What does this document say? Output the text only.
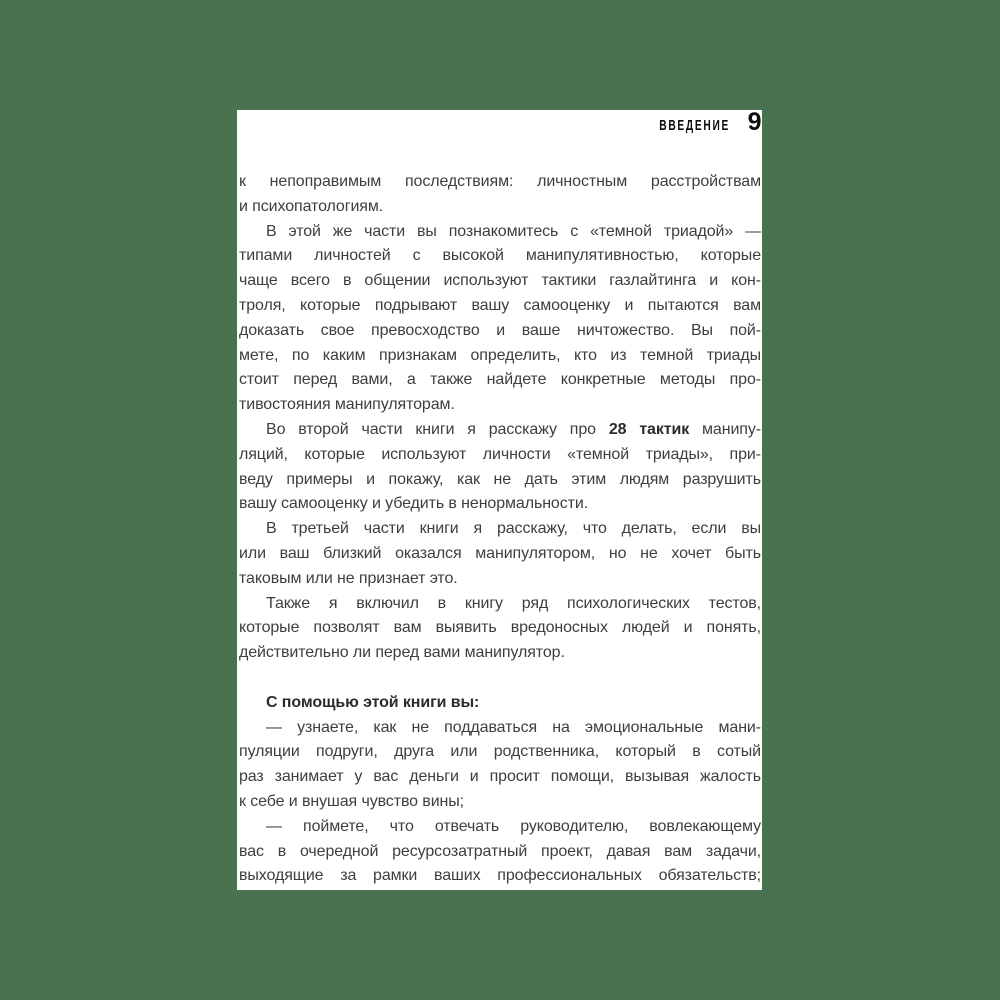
ВВЕДЕНИЕ 9
к непоправимым последствиям: личностным расстройствам
и психопатологиям.
В этой же части вы познакомитесь с «темной триадой» —
типами личностей с высокой манипулятивностью, которые
чаще всего в общении используют тактики газлайтинга и кон-
троля, которые подрывают вашу самооценку и пытаются вам
доказать свое превосходство и ваше ничтожество. Вы пой-
мете, по каким признакам определить, кто из темной триады
стоит перед вами, а также найдете конкретные методы про-
тивостояния манипуляторам.
Во второй части книги я расскажу про 28 тактик манипу-
ляций, которые используют личности «темной триады», при-
веду примеры и покажу, как не дать этим людям разрушить
вашу самооценку и убедить в ненормальности.
В третьей части книги я расскажу, что делать, если вы
или ваш близкий оказался манипулятором, но не хочет быть
таковым или не признает это.
Также я включил в книгу ряд психологических тестов,
которые позволят вам выявить вредоносных людей и понять,
действительно ли перед вами манипулятор.
С помощью этой книги вы:
— узнаете, как не поддаваться на эмоциональные мани-
пуляции подруги, друга или родственника, который в сотый
раз занимает у вас деньги и просит помощи, вызывая жалость
к себе и внушая чувство вины;
— поймете, что отвечать руководителю, вовлекающему
вас в очередной ресурсозатратный проект, давая вам задачи,
выходящие за рамки ваших профессиональных обязательств;
